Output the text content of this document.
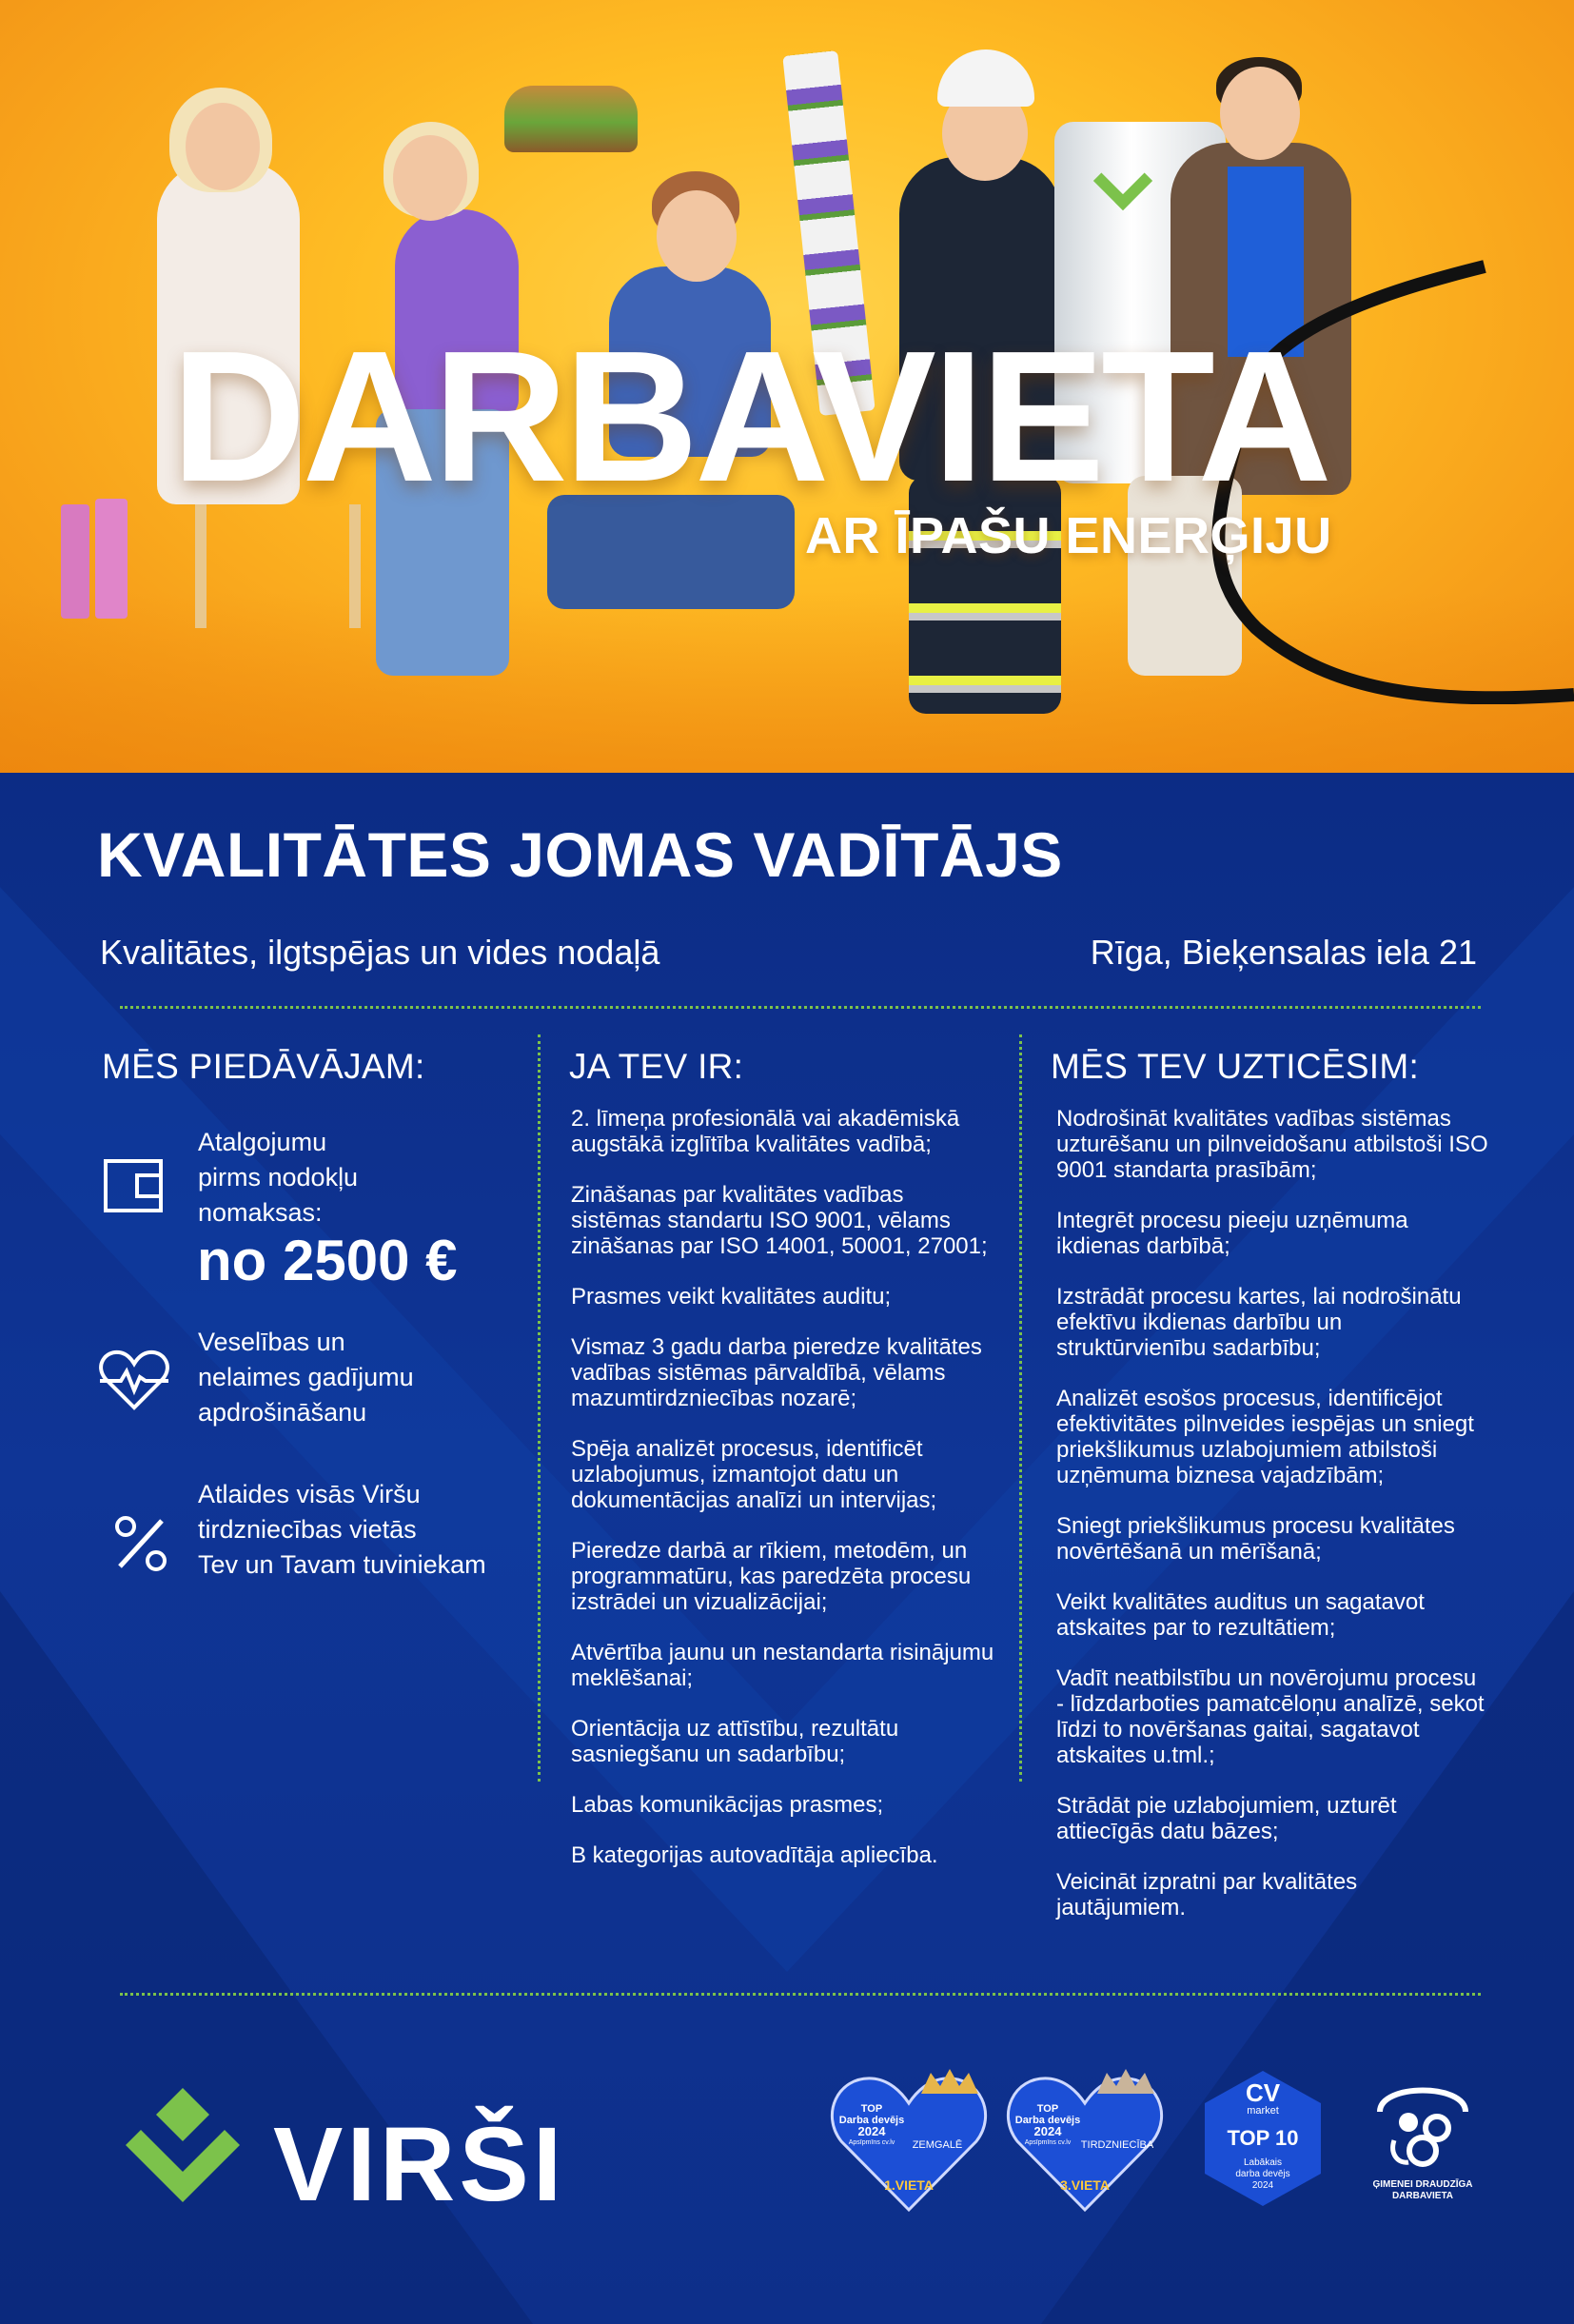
DARBAVIETA
AR ĪPAŠU ENERĢIJU
KVALITĀTES JOMAS VADĪTĀJS
Kvalitātes, ilgtspējas un vides nodaļā	Rīga, Bieķensalas iela 21
MĒS PIEDĀVĀJAM:
Atalgojumu
pirms nodokļu
nomaksas:
no 2500 €
Veselības un
nelaimes gadījumu
apdrošināšanu
Atlaides visās Viršu
tirdzniecības vietās
Tev un Tavam tuviniekam
JA TEV IR:
2. līmeņa profesionālā vai akadēmiskā augstākā izglītība kvalitātes vadībā;
Zināšanas par kvalitātes vadības sistēmas standartu ISO 9001, vēlams zināšanas par ISO 14001, 50001, 27001;
Prasmes veikt kvalitātes auditu;
Vismaz 3 gadu darba pieredze kvalitātes vadības sistēmas pārvaldībā, vēlams mazumtirdzniecības nozarē;
Spēja analizēt procesus, identificēt uzlabojumus, izmantojot datu un dokumentācijas analīzi un intervijas;
Pieredze darbā ar rīkiem, metodēm, un programmatūru, kas paredzēta procesu izstrādei un vizualizācijai;
Atvērtība jaunu un nestandarta risinājumu meklēšanai;
Orientācija uz attīstību, rezultātu sasniegšanu un sadarbību;
Labas komunikācijas prasmes;
B kategorijas autovadītāja apliecība.
MĒS TEV UZTICĒSIM:
Nodrošināt kvalitātes vadības sistēmas uzturēšanu un pilnveidošanu atbilstoši ISO 9001 standarta prasībām;
Integrēt procesu pieeju uzņēmuma ikdienas darbībā;
Izstrādāt procesu kartes, lai nodrošinātu efektīvu ikdienas darbību un struktūrvienību sadarbību;
Analizēt esošos procesus, identificējot efektivitātes pilnveides iespējas un sniegt priekšlikumus uzlabojumiem atbilstoši uzņēmuma biznesa vajadzībām;
Sniegt priekšlikumus procesu kvalitātes novērtēšanā un mērīšanā;
Veikt kvalitātes auditus un sagatavot atskaites par to rezultātiem;
Vadīt neatbilstību un novērojumu procesu - līdzdarboties pamatcēloņu analīzē, sekot līdzi to novēršanas gaitai, sagatavot atskaites u.tml.;
Strādāt pie uzlabojumiem, uzturēt attiecīgās datu bāzes;
Veicināt izpratni par kvalitātes jautājumiem.
VIRŠI	TOP
Darba devējs
2024
Apsīpmīns cv.lv	ZEMGALĒ
1.VIETA
TOP
Darba devējs
2024
Apsīpmīns cv.lv TIRDZNIECĪBA
3.VIETA
CV
market
TOP 10
Labākais
darba devējs
2024	ĢIMENEI DRAUDZĪGA
DARBAVIETA
